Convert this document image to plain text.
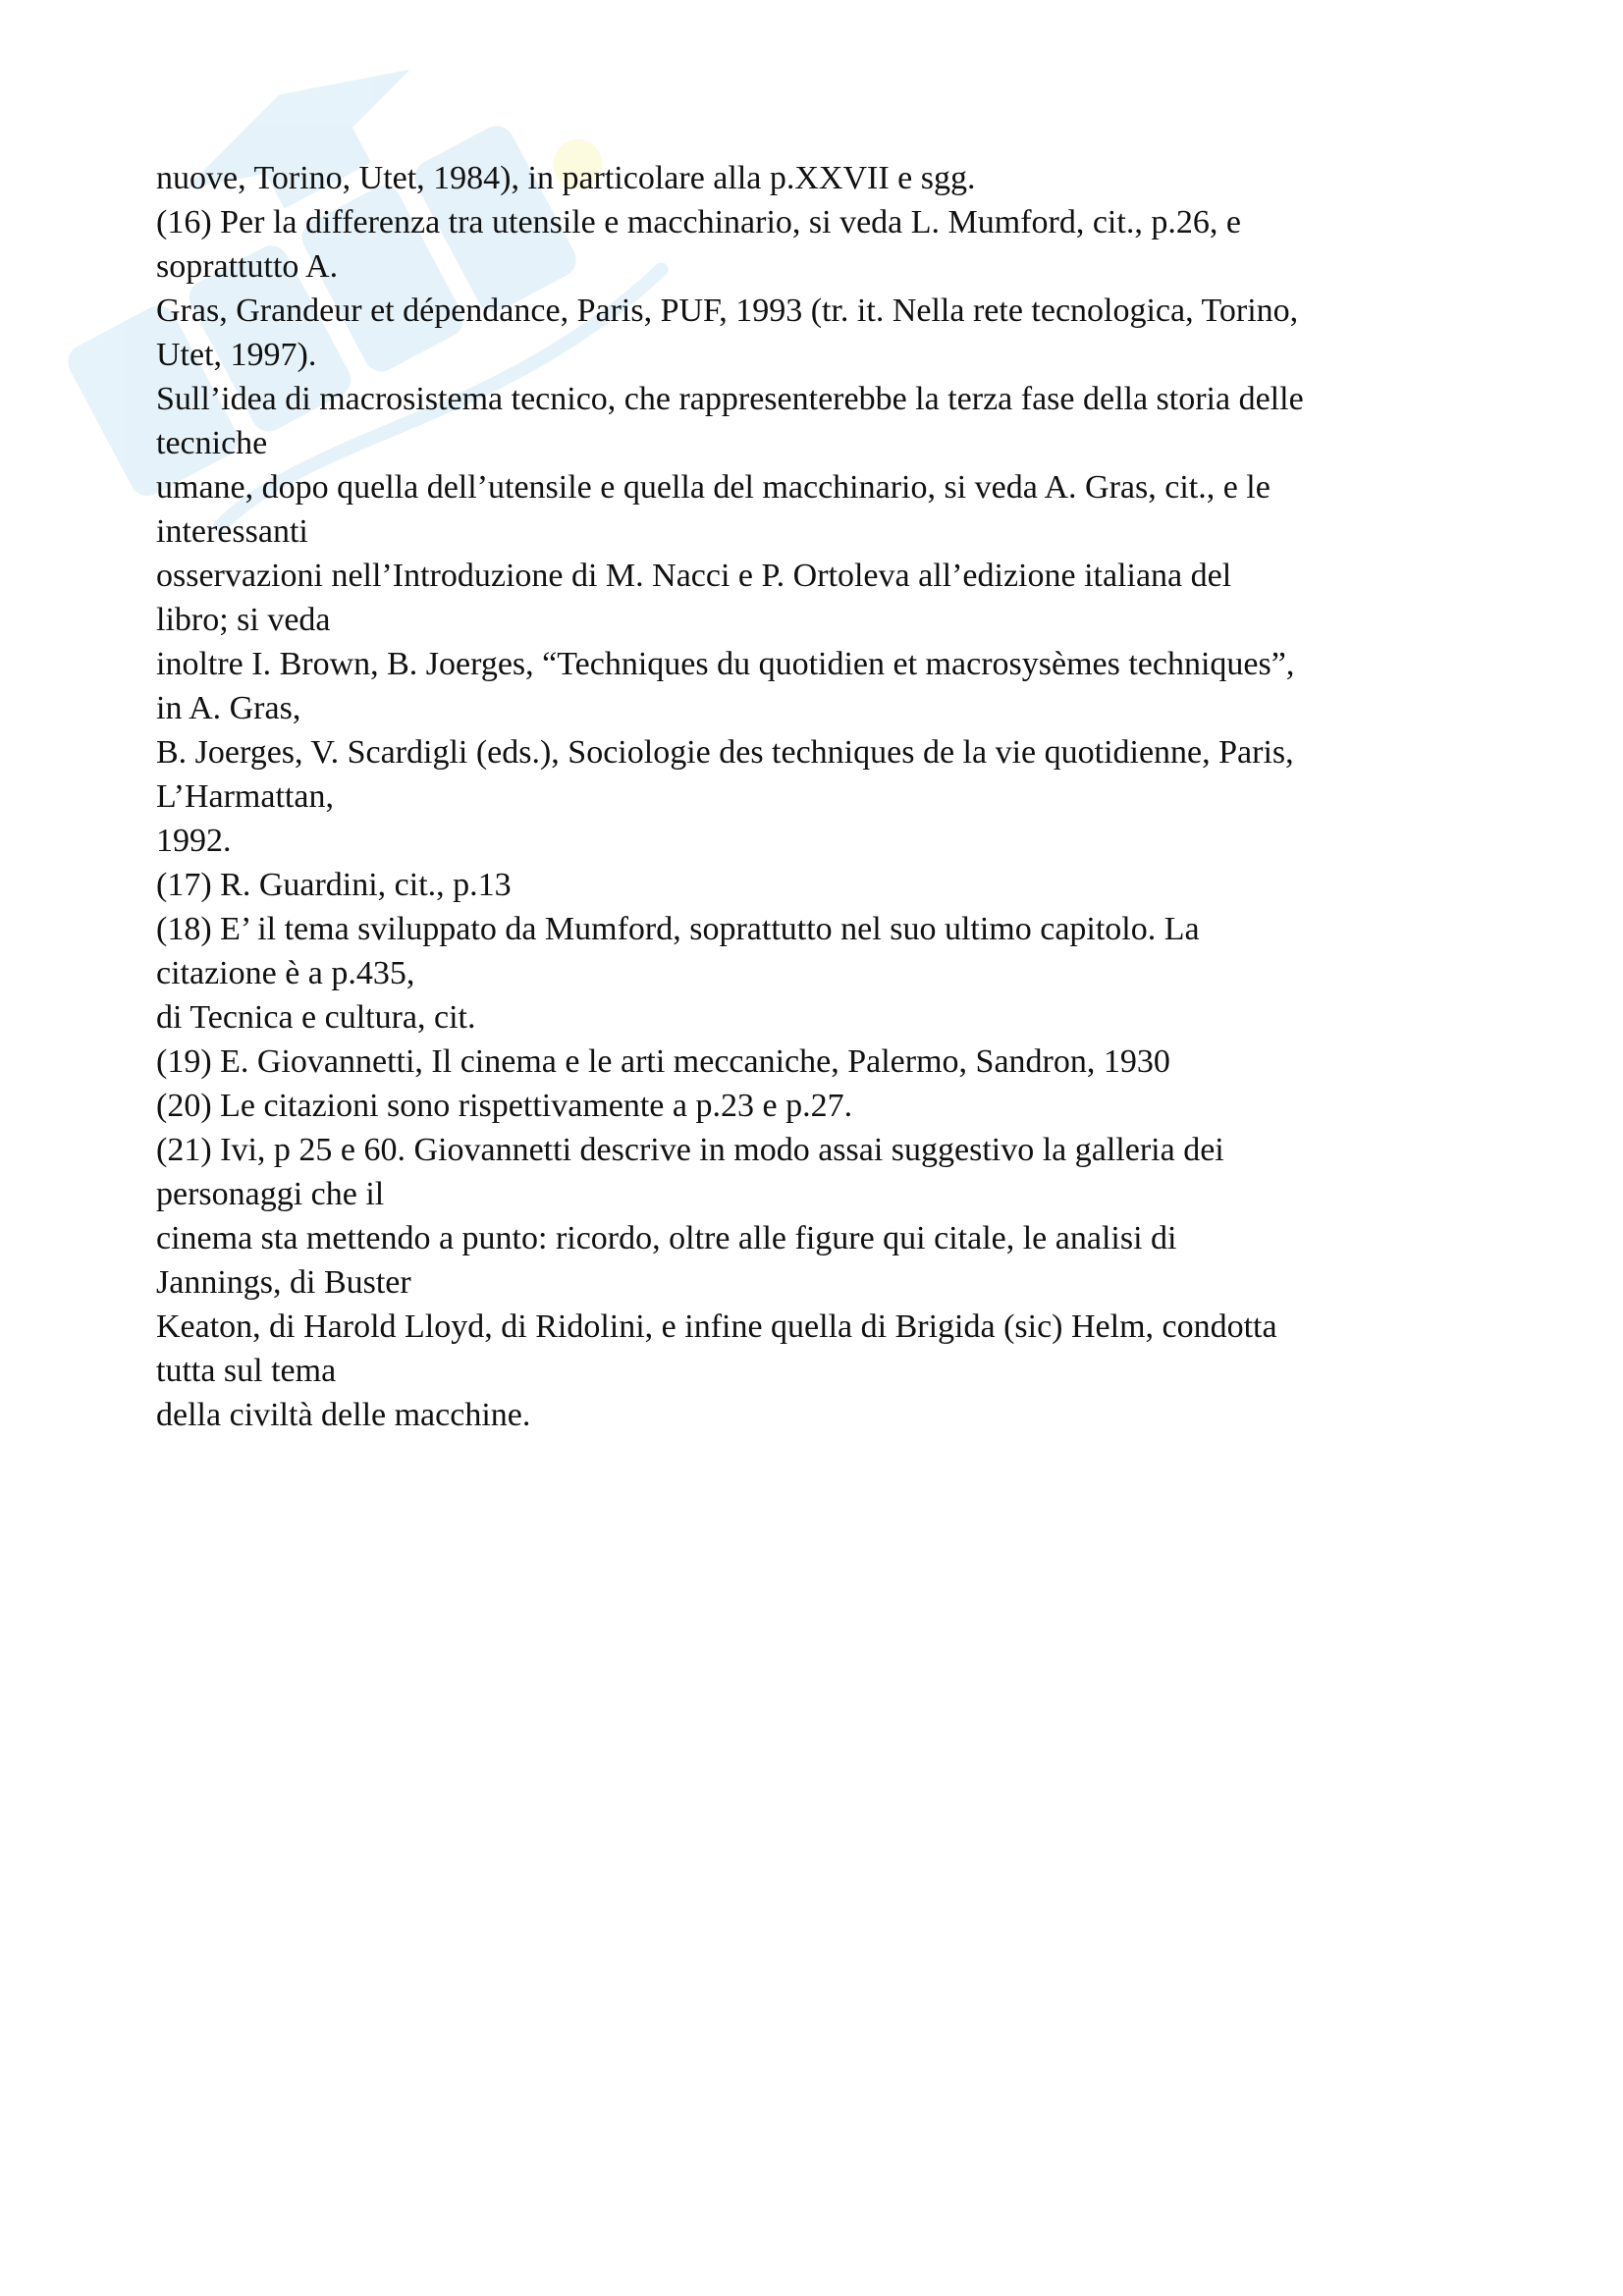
nuove, Torino, Utet, 1984), in particolare alla p.XXVII e sgg.
(16) Per la differenza tra utensile e macchinario, si veda L. Mumford, cit., p.26, e
soprattutto A.
Gras, Grandeur et dépendance, Paris, PUF, 1993 (tr. it. Nella rete tecnologica, Torino,
Utet, 1997).
Sull’idea di macrosistema tecnico, che rappresenterebbe la terza fase della storia delle
tecniche
umane, dopo quella dell’utensile e quella del macchinario, si veda A. Gras, cit., e le
interessanti
osservazioni nell’Introduzione di M. Nacci e P. Ortoleva all’edizione italiana del
libro; si veda
inoltre I. Brown, B. Joerges, “Techniques du quotidien et macrosysèmes techniques”,
in A. Gras,
B. Joerges, V. Scardigli (eds.), Sociologie des techniques de la vie quotidienne, Paris,
L’Harmattan,
1992.
(17) R. Guardini, cit., p.13
(18) E’ il tema sviluppato da Mumford, soprattutto nel suo ultimo capitolo. La
citazione è a p.435,
di Tecnica e cultura, cit.
(19) E. Giovannetti, Il cinema e le arti meccaniche, Palermo, Sandron, 1930
(20) Le citazioni sono rispettivamente a p.23 e p.27.
(21) Ivi, p 25 e 60. Giovannetti descrive in modo assai suggestivo la galleria dei
personaggi che il
cinema sta mettendo a punto: ricordo, oltre alle figure qui citale, le analisi di
Jannings, di Buster
Keaton, di Harold Lloyd, di Ridolini, e infine quella di Brigida (sic) Helm, condotta
tutta sul tema
della civiltà delle macchine.
